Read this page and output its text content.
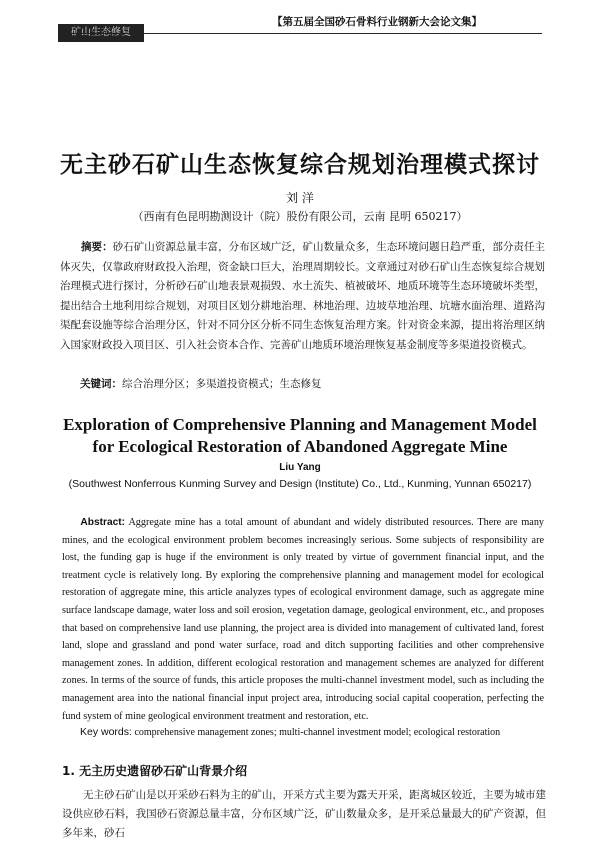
矿山生态修复
【第五届全国砂石骨料行业钢新大会论文集】
无主砂石矿山生态恢复综合规划治理模式探讨
刘 洋
（西南有色昆明勘测设计（院）股份有限公司，云南 昆明 650217）

摘要：砂石矿山资源总量丰富，分布区域广泛，矿山数量众多，生态环境问题日趋严重，部分责任主体灭失，仅靠政府财政投入治理，资金缺口巨大，治理周期较长。文章通过对砂石矿山生态恢复综合规划治理模式进行探讨，分析砂石矿山地表景观损毁、水土流失、植被破坏、地质环境等生态环境破坏类型，提出结合土地利用综合规划，对项目区划分耕地治理、林地治理、边坡草地治理、坑塘水面治理、道路沟渠配套设施等综合治理分区，针对不同分区分析不同生态恢复治理方案。针对资金来源，提出将治理区纳入国家财政投入项目区、引入社会资本合作、完善矿山地质环境治理恢复基金制度等多渠道投资模式。

关键词：综合治理分区；多渠道投资模式；生态修复
Exploration of Comprehensive Planning and Management Model for Ecological Restoration of Abandoned Aggregate Mine
Liu Yang
(Southwest Nonferrous Kunming Survey and Design (Institute) Co., Ltd., Kunming, Yunnan 650217)

Abstract: Aggregate mine has a total amount of abundant and widely distributed resources. There are many mines, and the ecological environment problem becomes increasingly serious. Some subjects of responsibility are lost, the funding gap is huge if the environment is only treated by virtue of government financial input, and the treatment cycle is relatively long. By exploring the comprehensive planning and management model for ecological restoration of aggregate mine, this article analyzes types of ecological environment damage, such as aggregate mine surface landscape damage, water loss and soil erosion, vegetation damage, geological environment, etc., and proposes that based on comprehensive land use planning, the project area is divided into management of cultivated land, forest land, slope and grassland and pond water surface, road and ditch supporting facilities and other comprehensive management zones. In addition, different ecological restoration and management schemes are analyzed for different zones. In terms of the source of funds, this article proposes the multi-channel investment model, such as including the management area into the national financial input project area, introducing social capital cooperation, perfecting the fund system of mine geological environment treatment and restoration, etc.

Key words: comprehensive management zones; multi-channel investment model; ecological restoration
1. 无主历史遗留砂石矿山背景介绍

无主砂石矿山是以开采砂石料为主的矿山，开采方式主要为露天开采，距离城区较近，主要为城市建设供应砂石料，我国砂石资源总量丰富，分布区域广泛，矿山数量众多，是开采总量最大的矿产资源，但多年来，砂石
